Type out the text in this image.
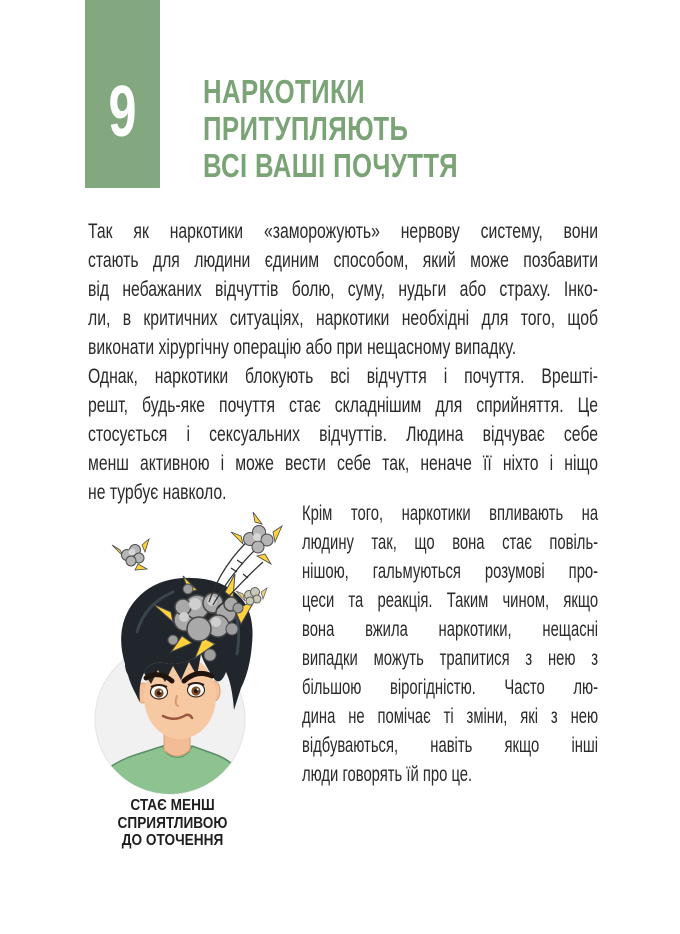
9	НАРКОТИКИ
ПРИТУПЛЯЮТЬ
ВСІ ВАШІ ПОЧУТТЯ
Так як наркотики «заморожують» нервову систему, вони
стають для людини єдиним способом, який може позбавити
від небажаних відчуттів болю, суму, нудьги або страху. Інко-
ли, в критичних ситуаціях, наркотики необхідні для того, щоб
виконати хірургічну операцію або при нещасному випадку.
Однак, наркотики блокують всі відчуття і почуття. Врешті-
решт, будь-яке почуття стає складнішим для сприйняття. Це
стосується і сексуальних відчуттів. Людина відчуває себе
менш активною і може вести себе так, неначе її ніхто і ніщо
не турбує навколо.
Крім того, наркотики впливають на
людину так, що вона стає повіль-
нішою, гальмуються розумові про-
цеси та реакція. Таким чином, якщо
вона вжила наркотики, нещасні
випадки можуть трапитися з нею з
більшою вірогідністю. Часто лю-
дина не помічає ті зміни, які з нею
відбуваються, навіть якщо інші
люди говорять їй про це.
СТАЄ МЕНШ
СПРИЯТЛИВОЮ
ДО ОТОЧЕННЯ
